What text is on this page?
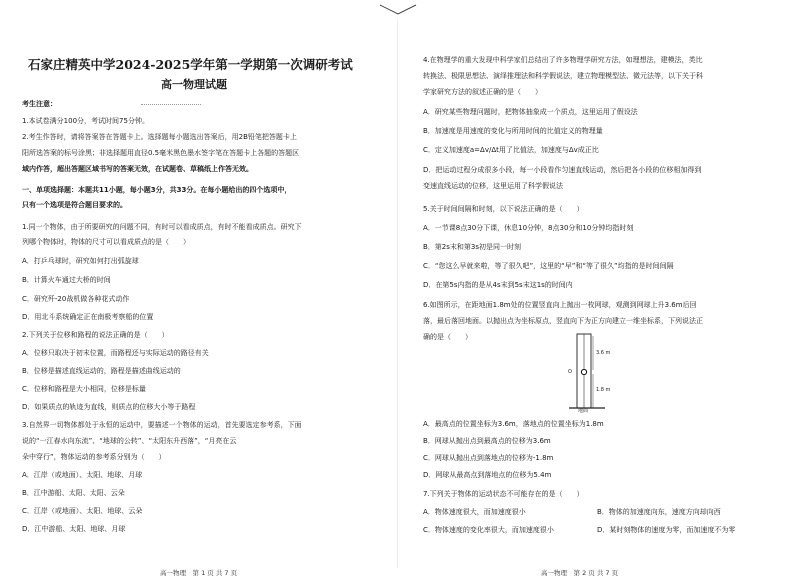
石家庄精英中学2024-2025学年第一学期第一次调研考试
高一物理试题
考生注意：
1.本试卷满分100分，考试时间75分钟。
2.考生作答时，请将答案答在答题卡上。选择题每小题选出答案后，用2B铅笔把答题卡上
阳所选答案的标号涂黑；非选择题用直径0.5毫米黑色墨水签字笔在答题卡上各题的答题区
域内作答，超出答题区域书写的答案无效，在试题卷、草稿纸上作答无效。
一、单项选择题：本题共11小题，每小题3分，共33分。在每小题给出的四个选项中，
只有一个选项是符合题目要求的。
1.同一个物体，由于所要研究的问题不同，有时可以看成质点，有时不能看成质点。研究下
列哪个物体时，物体的尺寸可以看成质点的是（　　）
A．打乒乓球时，研究如何打出弧旋球
B．计算火车通过大桥的时间
C．研究歼-20战机做各种花式动作
D．用北斗系统确定正在南极考察船的位置
2.下列关于位移和路程的说法正确的是（　　）
A．位移只取决于初末位置，而路程还与实际运动的路径有关
B．位移是描述直线运动的，路程是描述曲线运动的
C．位移和路程是大小相同，位移是标量
D．如果质点的轨迹为直线，则质点的位移大小等于路程
3.自然界一切物体都处于永恒的运动中，要描述一个物体的运动，首先要选定参考系，下面
说的“一江春水向东流”、“地球的公转”、“太阳东升西落”，“月亮在云
朵中穿行”，物体运动的参考系分别为（　　）
A．江岸（或地面）、太阳、地球、月球
B．江中游船、太阳、太阳、云朵
C．江岸（或地面）、太阳、地球、云朵
D．江中游船、太阳、地球、月球
高一物理　第 1 页 共 7 页
4.在物理学的重大发现中科学家们总结出了许多物理学研究方法，如理想法，建模法，类比
转换法、极限思想法、演绎推理法和科学假说法，建立物理模型法、微元法等，以下关于科
学家研究方法的叙述正确的是（　　）
A．研究某些物理问题时，把物体抽象成一个质点，这里运用了假设法
B．加速度是用速度的变化与所用时间的比值定义的物理量
C．定义加速度a=Δv/Δt用了比值法，加速度与Δv成正比
D．把运动过程分成很多小段，每一小段看作匀速直线运动，然后把各小段的位移相加得到
变速直线运动的位移，这里运用了科学假说法
5.关于时间间隔和时刻，以下说法正确的是（　　）
A．一节课8点30分下课，休息10分钟，8点30分和10分钟均指时刻
B．第2s末和第3s初是同一时刻
C．“您这么早就来啦，等了很久吧”，这里的“早”和“等了很久”均指的是时间间隔
D．在第5s内指的是从4s末到5s末这1s的时间内
6.如图所示，在距地面1.8m处的位置竖直向上抛出一枚网球，观测到网球上升3.6m后回
落，最后落回地面。以抛出点为坐标原点，竖直向下为正方向建立一维坐标系，下列说法正
确的是（　　）
3.6 m
O
1.8 m
地面
A．最高点的位置坐标为3.6m，落地点的位置坐标为1.8m
B．网球从抛出点到最高点的位移为3.6m
C．网球从抛出点到落地点的位移为-1.8m
D．网球从最高点到落地点的位移为5.4m
7.下列关于物体的运动状态不可能存在的是（　　）
A．物体速度很大，而加速度很小	B．物体的加速度向东，速度方向却向西
C．物体速度的变化率很大，而加速度很小	D．某时刻物体的速度为零，而加速度不为零
高一物理　第 2 页 共 7 页
